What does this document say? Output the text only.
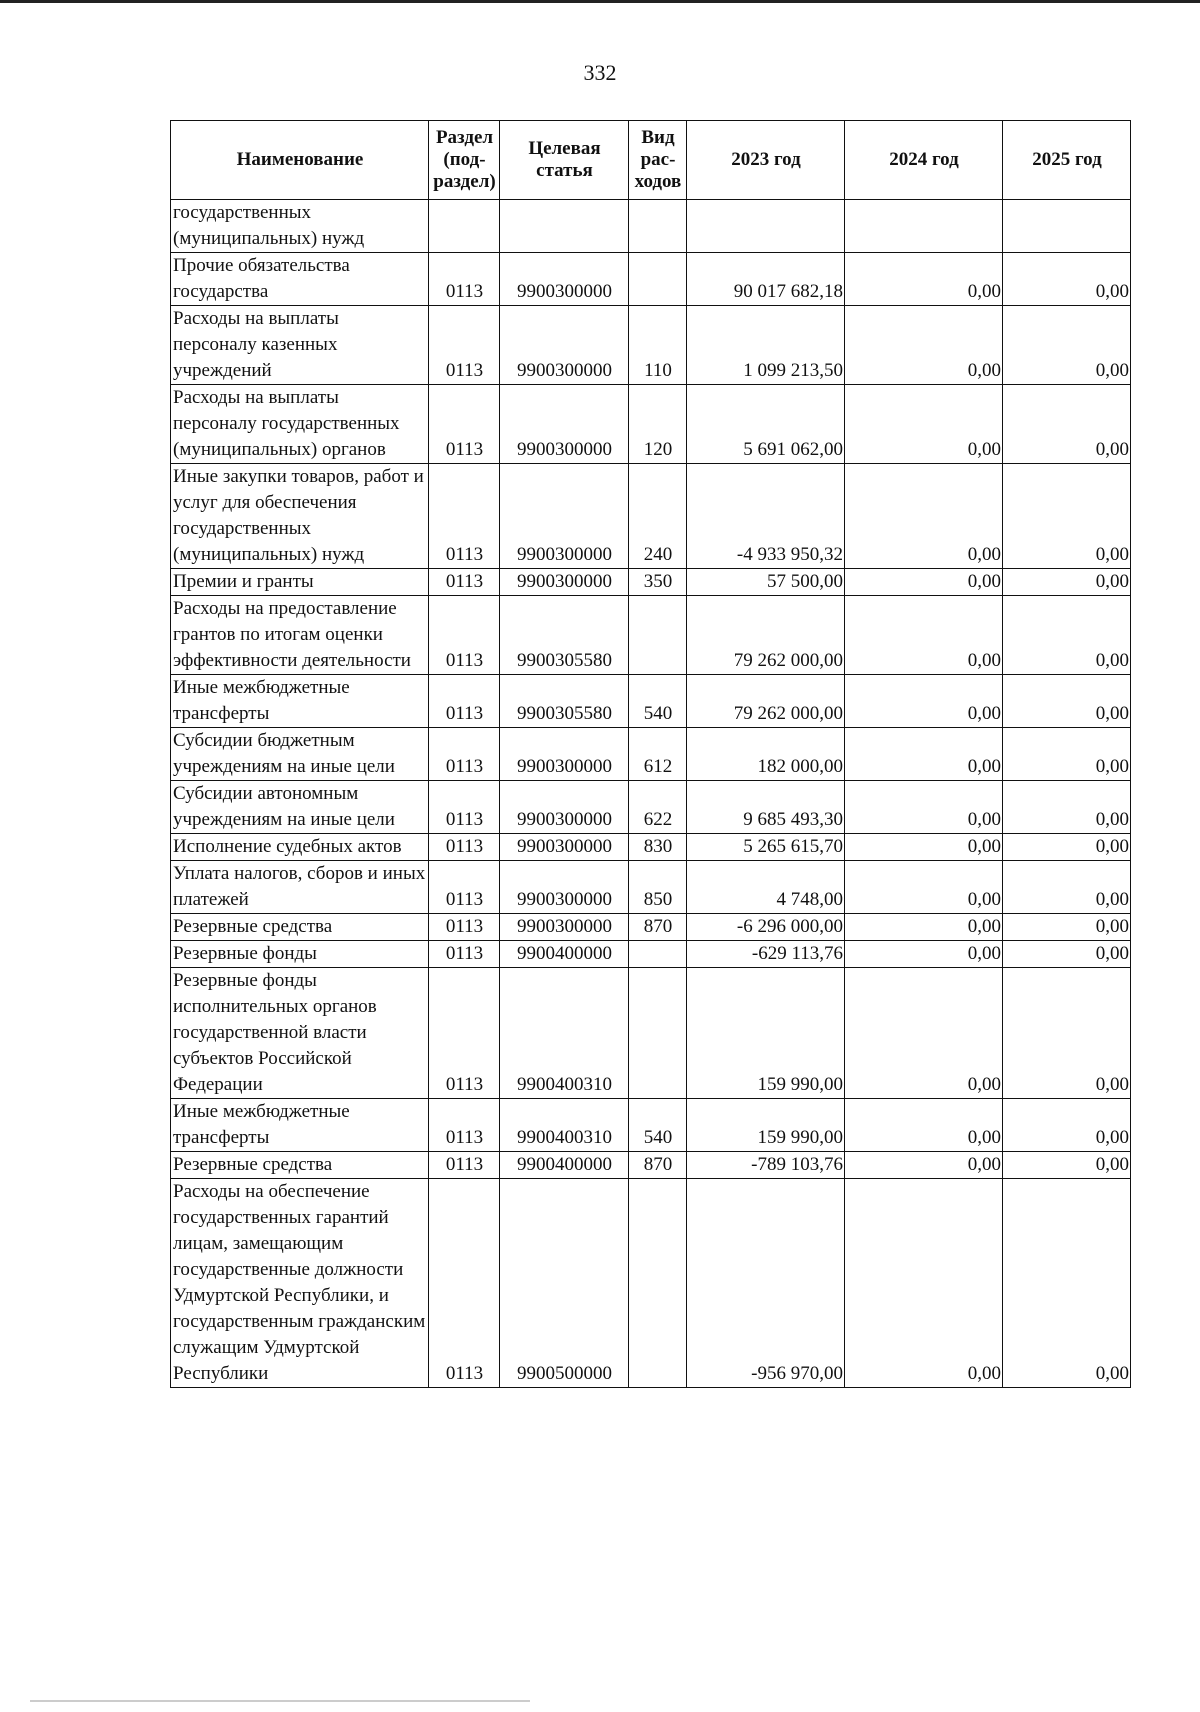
332
Наименование	Раздел (под- раздел)	Целевая статья	Вид рас- ходов	2023 год	2024 год	2025 год
государственных (муниципальных) нужд						
Прочие обязательства государства	0113	9900300000		90 017 682,18	0,00	0,00
Расходы на выплаты персоналу казенных учреждений	0113	9900300000	110	1 099 213,50	0,00	0,00
Расходы на выплаты персоналу государственных (муниципальных) органов	0113	9900300000	120	5 691 062,00	0,00	0,00
Иные закупки товаров, работ и услуг для обеспечения государственных (муниципальных) нужд	0113	9900300000	240	-4 933 950,32	0,00	0,00
Премии и гранты	0113	9900300000	350	57 500,00	0,00	0,00
Расходы на предоставление грантов по итогам оценки эффективности деятельности	0113	9900305580		79 262 000,00	0,00	0,00
Иные межбюджетные трансферты	0113	9900305580	540	79 262 000,00	0,00	0,00
Субсидии бюджетным учреждениям на иные цели	0113	9900300000	612	182 000,00	0,00	0,00
Субсидии автономным учреждениям на иные цели	0113	9900300000	622	9 685 493,30	0,00	0,00
Исполнение судебных актов	0113	9900300000	830	5 265 615,70	0,00	0,00
Уплата налогов, сборов и иных платежей	0113	9900300000	850	4 748,00	0,00	0,00
Резервные средства	0113	9900300000	870	-6 296 000,00	0,00	0,00
Резервные фонды	0113	9900400000		-629 113,76	0,00	0,00
Резервные фонды исполнительных органов государственной власти субъектов Российской Федерации	0113	9900400310		159 990,00	0,00	0,00
Иные межбюджетные трансферты	0113	9900400310	540	159 990,00	0,00	0,00
Резервные средства	0113	9900400000	870	-789 103,76	0,00	0,00
Расходы на обеспечение государственных гарантий лицам, замещающим государственные должности Удмуртской Республики, и государственным гражданским служащим Удмуртской Республики	0113	9900500000		-956 970,00	0,00	0,00
